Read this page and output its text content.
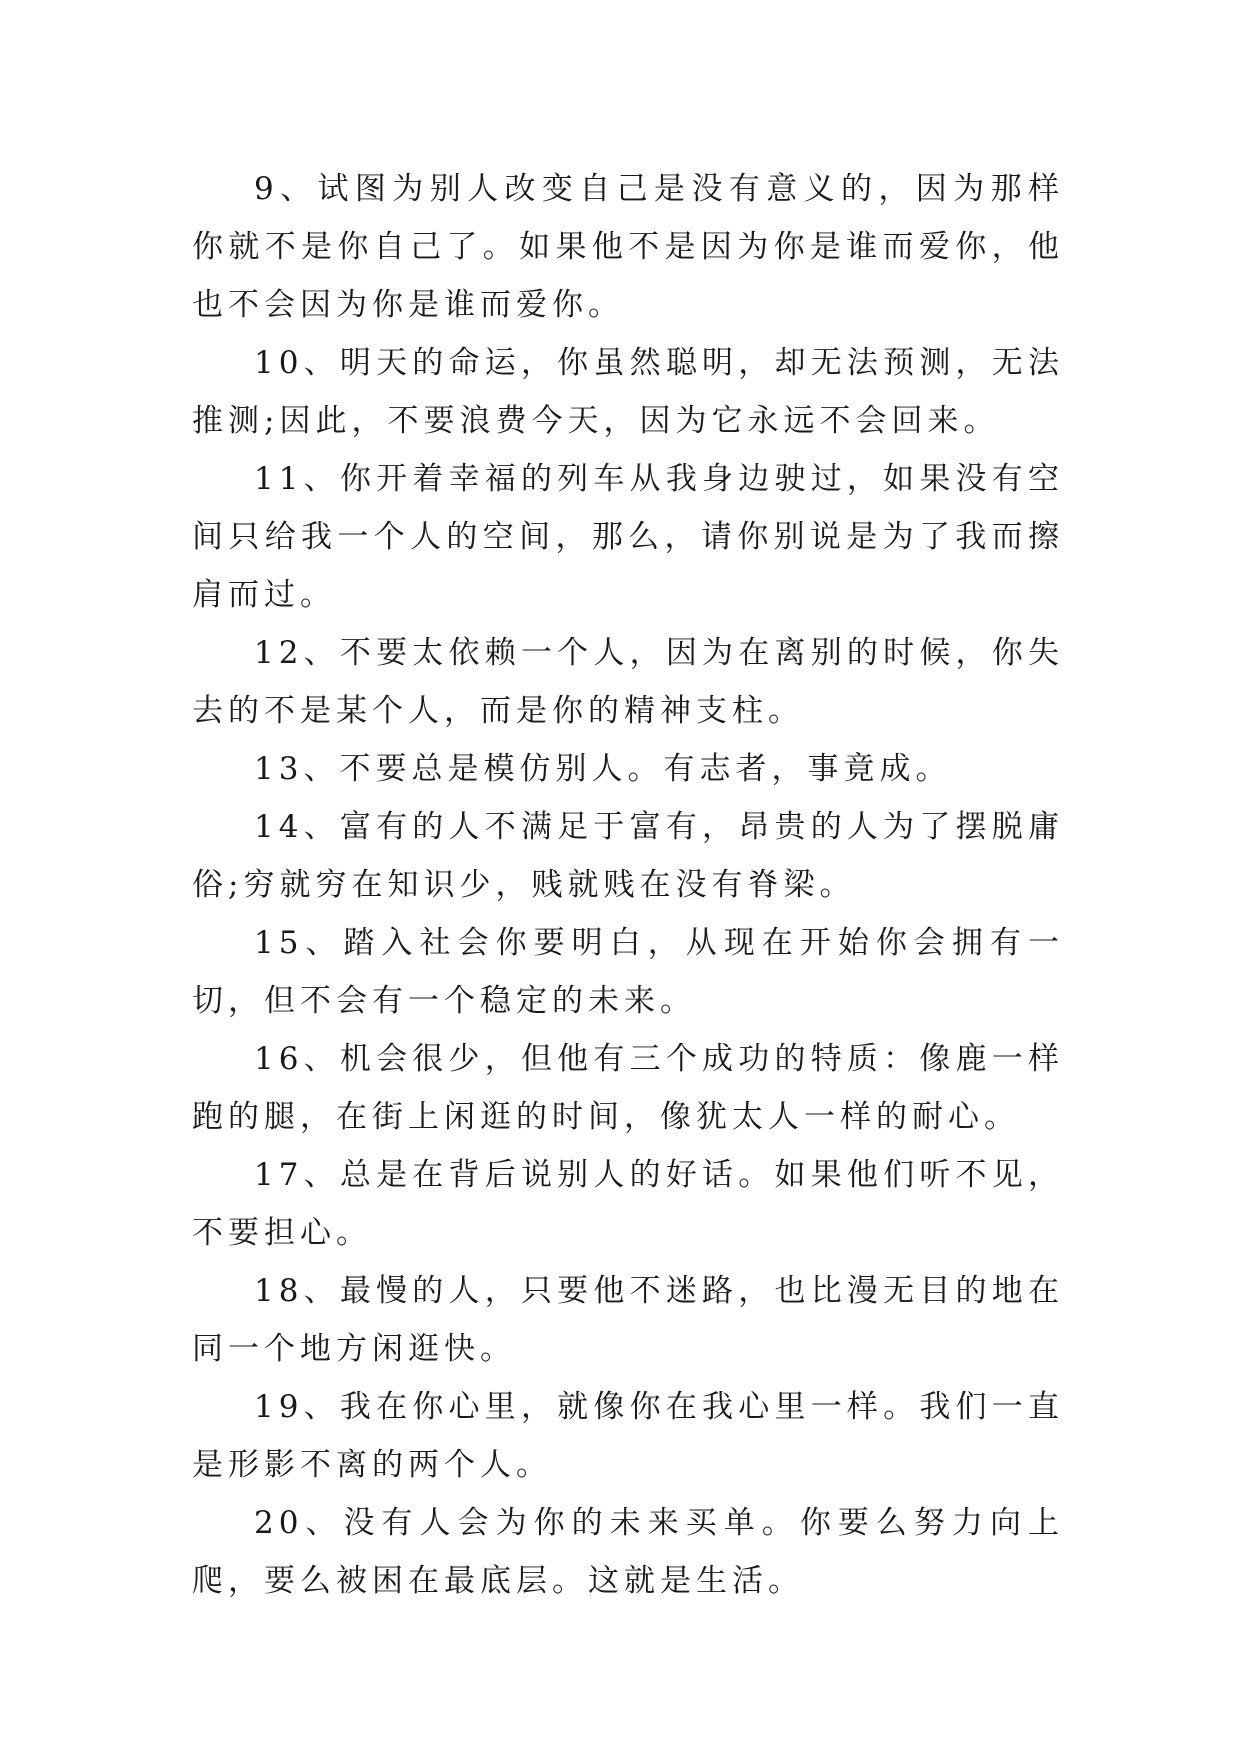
9、试图为别人改变自己是没有意义的，因为那样你就不是你自己了。如果他不是因为你是谁而爱你，他也不会因为你是谁而爱你。

10、明天的命运，你虽然聪明，却无法预测，无法推测;因此，不要浪费今天，因为它永远不会回来。

11、你开着幸福的列车从我身边驶过，如果没有空间只给我一个人的空间，那么，请你别说是为了我而擦肩而过。

12、不要太依赖一个人，因为在离别的时候，你失去的不是某个人，而是你的精神支柱。

13、不要总是模仿别人。有志者，事竟成。

14、富有的人不满足于富有，昂贵的人为了摆脱庸俗;穷就穷在知识少，贱就贱在没有脊梁。

15、踏入社会你要明白，从现在开始你会拥有一切，但不会有一个稳定的未来。

16、机会很少，但他有三个成功的特质：像鹿一样跑的腿，在街上闲逛的时间，像犹太人一样的耐心。

17、总是在背后说别人的好话。如果他们听不见，不要担心。

18、最慢的人，只要他不迷路，也比漫无目的地在同一个地方闲逛快。

19、我在你心里，就像你在我心里一样。我们一直是形影不离的两个人。

20、没有人会为你的未来买单。你要么努力向上爬，要么被困在最底层。这就是生活。
